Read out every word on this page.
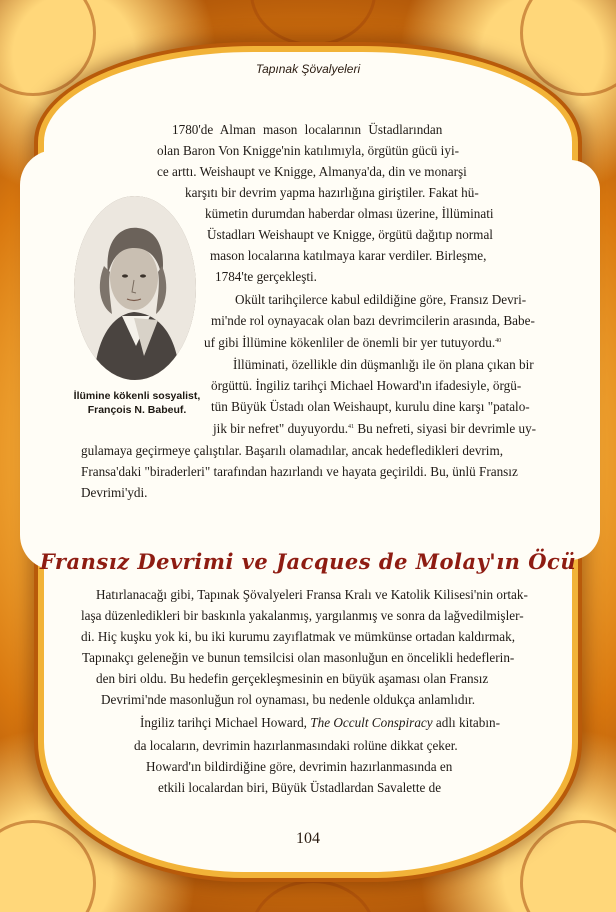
Tapınak Şövalyeleri
1780'de Alman mason localarının Üstadlarından
olan Baron Von Knigge'nin katılımıyla, örgütün gücü iyi-
ce arttı. Weishaupt ve Knigge, Almanya'da, din ve monarşi
karşıtı bir devrim yapma hazırlığına giriştiler. Fakat hü-
kümetin durumdan haberdar olması üzerine, İllüminati
Üstadları Weishaupt ve Knigge, örgütü dağıtıp normal
mason localarına katılmaya karar verdiler. Birleşme,
1784'te gerçekleşti.
Okült tarihçilerce kabul edildiğine göre, Fransız Devri-
mi'nde rol oynayacak olan bazı devrimcilerin arasında, Babe-
uf gibi İllümine kökenliler de önemli bir yer tutuyordu.$^{40}$
İllüminati, özellikle din düşmanlığı ile ön plana çıkan bir
örgüttü. İngiliz tarihçi Michael Howard'ın ifadesiyle, örgü-
tün Büyük Üstadı olan Weishaupt, kurulu dine karşı "patalo-
jik bir nefret" duyuyordu.$^{41}$ Bu nefreti, siyasi bir devrimle uy-
gulamaya geçirmeye çalıştılar. Başarılı olamadılar, ancak hedefledikleri devrim,
Fransa'daki "biraderleri" tarafından hazırlandı ve hayata geçirildi. Bu, ünlü Fransız
Devrimi'ydi.
İlümine kökenli sosyalist,
François N. Babeuf.
Fransız Devrimi ve Jacques de Molay'ın Öcü
Hatırlanacağı gibi, Tapınak Şövalyeleri Fransa Kralı ve Katolik Kilisesi'nin ortak-
laşa düzenledikleri bir baskınla yakalanmış, yargılanmış ve sonra da lağvedilmişler-
di. Hiç kuşku yok ki, bu iki kurumu zayıflatmak ve mümkünse ortadan kaldırmak,
Tapınakçı geleneğin ve bunun temsilcisi olan masonluğun en öncelikli hedeflerin-
den biri oldu. Bu hedefin gerçekleşmesinin en büyük aşaması olan Fransız
Devrimi'nde masonluğun rol oynaması, bu nedenle oldukça anlamlıdır.
İngiliz tarihçi Michael Howard, The Occult Conspiracy adlı kitabın-
da locaların, devrimin hazırlanmasındaki rolüne dikkat çeker.
Howard'ın bildirdiğine göre, devrimin hazırlanmasında en
etkili localardan biri, Büyük Üstadlardan Savalette de
104
